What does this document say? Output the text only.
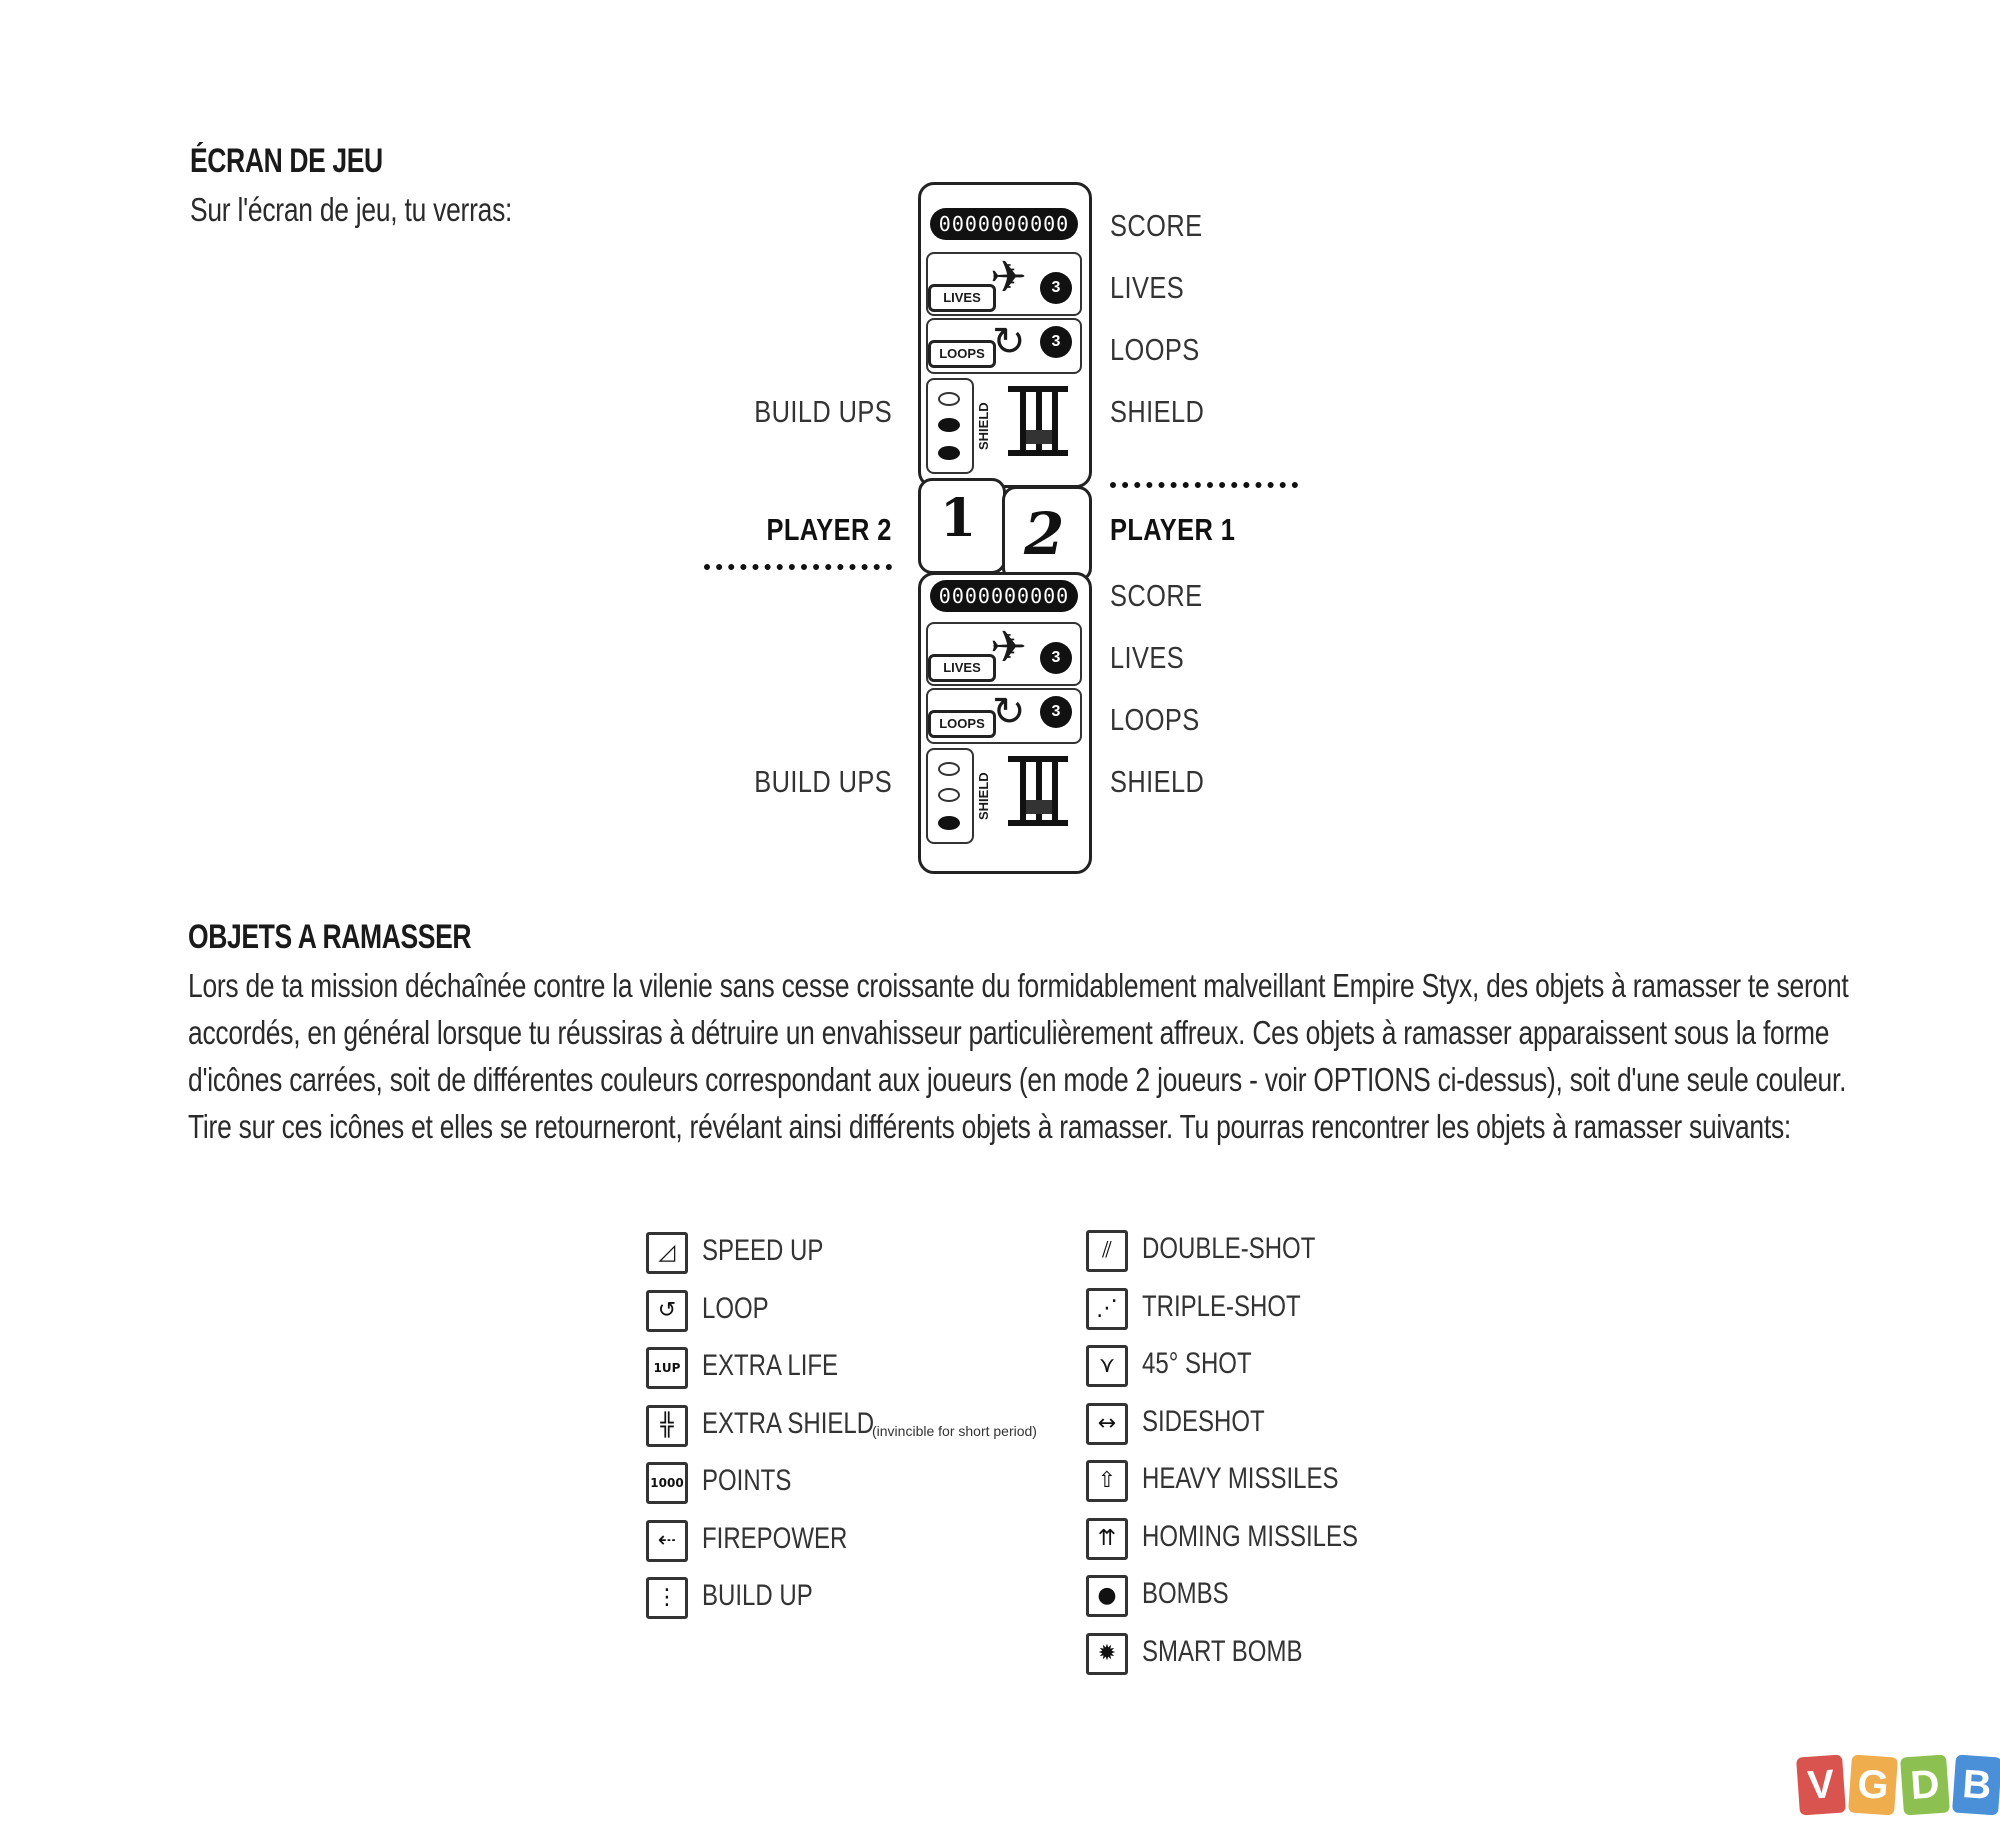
ÉCRAN DE JEU
Sur l'écran de jeu, tu verras:	0000000000
LIVES ✈	3
LOOPS ↻	3
SHIELD
1 2
0000000000
LIVES ✈	3
LOOPS ↻	3
SHIELD
SCORE
LIVES
LOOPS
SHIELD
PLAYER 1
SCORE
LIVES
LOOPS
SHIELD
BUILD UPS
PLAYER 2
BUILD UPS
OBJETS A RAMASSER
Lors de ta mission déchaînée contre la vilenie sans cesse croissante du formidablement malveillant Empire Styx, des objets à ramasser te seront accordés, en général lorsque tu réussiras à détruire un envahisseur particulièrement affreux. Ces objets à ramasser apparaissent sous la forme d'icônes carrées, soit de différentes couleurs correspondant aux joueurs (en mode 2 joueurs - voir OPTIONS ci-dessus), soit d'une seule couleur. Tire sur ces icônes et elles se retourneront, révélant ainsi différents objets à ramasser. Tu pourras rencontrer les objets à ramasser suivants:
◿ SPEED UP
↺ LOOP
1UP EXTRA LIFE
╬ EXTRA SHIELD
(invincible for short period)
1000 POINTS
⇠ FIREPOWER
⋮ BUILD UP
⫽	DOUBLE-SHOT
⋰ TRIPLE-SHOT
⋎ 45° SHOT
↔ SIDESHOT
⇧ HEAVY MISSILES
⇈ HOMING MISSILES
● BOMBS
✹ SMART BOMB
V G D B
